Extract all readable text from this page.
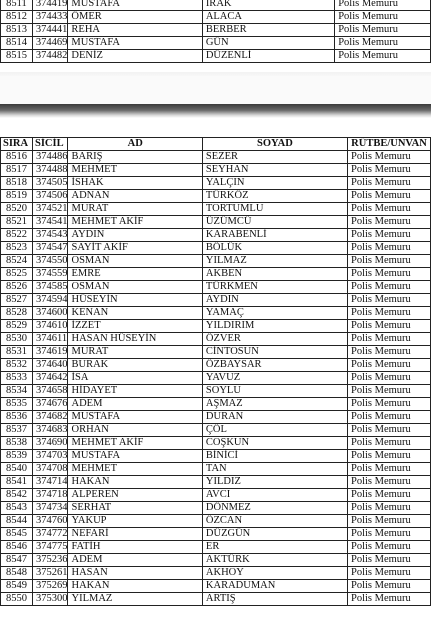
8511	374419	MUSTAFA	IRAK	Polis Memuru
8512	374433	ÖMER	ALACA	Polis Memuru
8513	374441	REHA	BERBER	Polis Memuru
8514	374469	MUSTAFA	GÜN	Polis Memuru
8515	374482	DENİZ	DÜZENLİ	Polis Memuru
SIRA	SİCİL	AD	SOYAD	RÜTBE/UNVAN
8516	374486	BARIŞ	SEZER	Polis Memuru
8517	374488	MEHMET	SEYHAN	Polis Memuru
8518	374505	İSHAK	YALÇIN	Polis Memuru
8519	374506	ADNAN	TÜRKÖZ	Polis Memuru
8520	374521	MURAT	TORTUMLU	Polis Memuru
8521	374541	MEHMET AKİF	ÜZÜMCÜ	Polis Memuru
8522	374543	AYDIN	KARABENLİ	Polis Memuru
8523	374547	SAYİT AKİF	BÖLÜK	Polis Memuru
8524	374550	OSMAN	YILMAZ	Polis Memuru
8525	374559	EMRE	AKBEN	Polis Memuru
8526	374585	OSMAN	TÜRKMEN	Polis Memuru
8527	374594	HÜSEYİN	AYDIN	Polis Memuru
8528	374600	KENAN	YAMAÇ	Polis Memuru
8529	374610	İZZET	YILDIRIM	Polis Memuru
8530	374611	HASAN HÜSEYİN	ÖZVER	Polis Memuru
8531	374619	MURAT	CİNTOSUN	Polis Memuru
8532	374640	BURAK	ÖZBAYSAR	Polis Memuru
8533	374642	İSA	YAVUZ	Polis Memuru
8534	374658	HİDAYET	SOYLU	Polis Memuru
8535	374676	ADEM	AŞMAZ	Polis Memuru
8536	374682	MUSTAFA	DURAN	Polis Memuru
8537	374683	ORHAN	ÇÖL	Polis Memuru
8538	374690	MEHMET AKİF	COŞKUN	Polis Memuru
8539	374703	MUSTAFA	BİNİCİ	Polis Memuru
8540	374708	MEHMET	TAN	Polis Memuru
8541	374714	HAKAN	YILDIZ	Polis Memuru
8542	374718	ALPEREN	AVCI	Polis Memuru
8543	374734	SERHAT	DÖNMEZ	Polis Memuru
8544	374760	YAKUP	ÖZCAN	Polis Memuru
8545	374772	NEFARİ	DÜZGÜN	Polis Memuru
8546	374775	FATİH	ER	Polis Memuru
8547	375236	ADEM	AKTÜRK	Polis Memuru
8548	375261	HASAN	AKHOY	Polis Memuru
8549	375269	HAKAN	KARADUMAN	Polis Memuru
8550	375300	YILMAZ	ARTIŞ	Polis Memuru
